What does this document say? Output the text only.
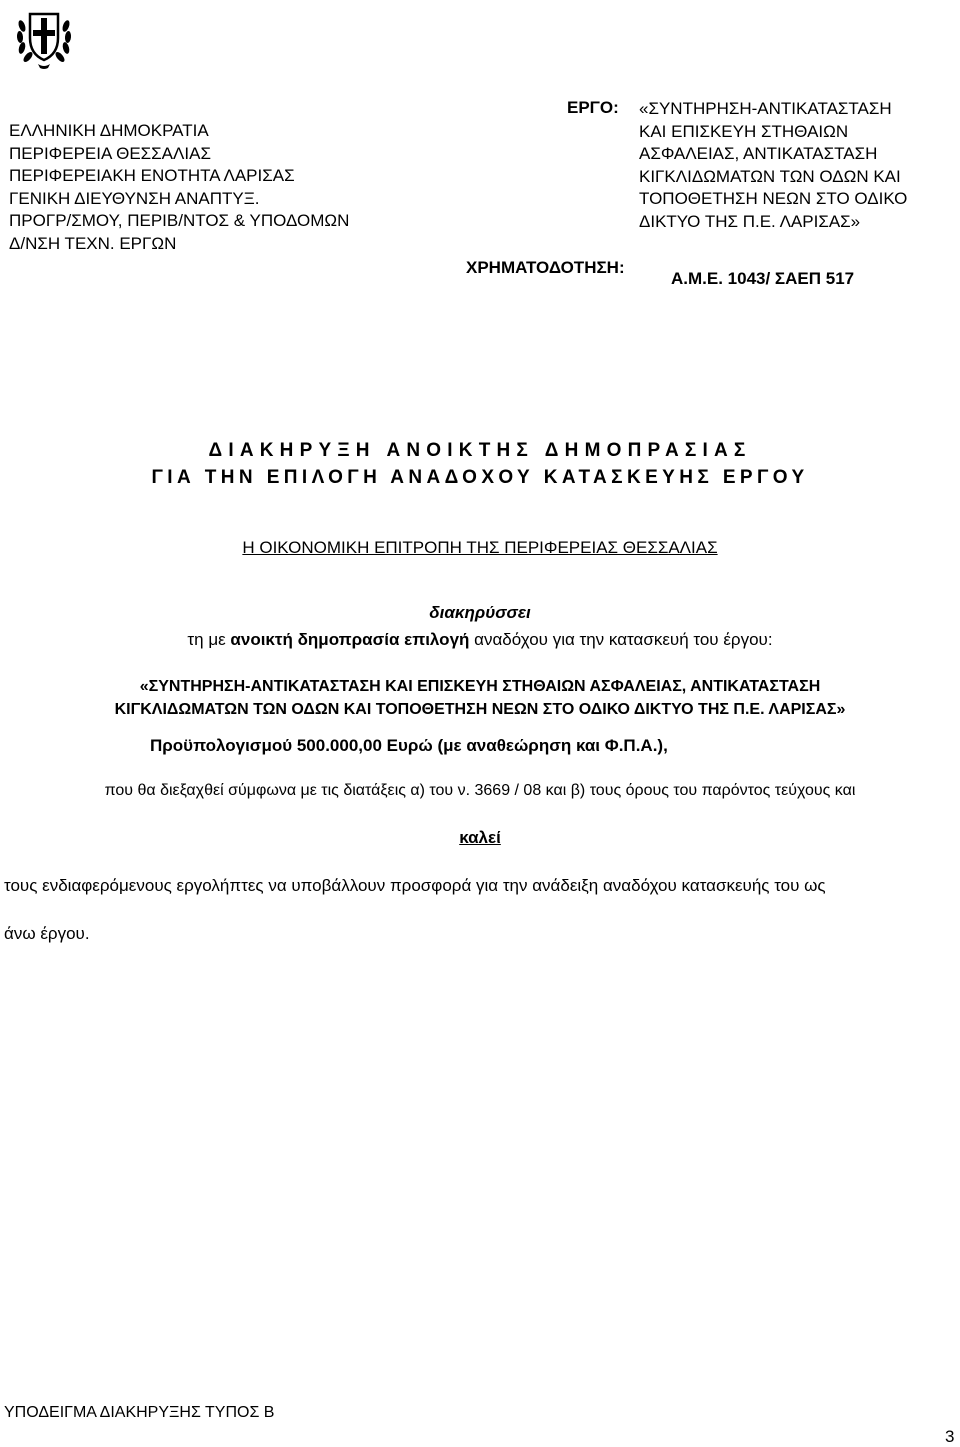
ΕΛΛΗΝΙΚΗ ΔΗΜΟΚΡΑΤΙΑ
ΠΕΡΙΦΕΡΕΙΑ ΘΕΣΣΑΛΙΑΣ
ΠΕΡΙΦΕΡΕΙΑΚΗ ΕΝΟΤΗΤΑ ΛΑΡΙΣΑΣ
ΓΕΝΙΚΗ ΔΙΕΥΘΥΝΣΗ ΑΝΑΠΤΥΞ.
ΠΡΟΓΡ/ΣΜΟΥ, ΠΕΡΙΒ/ΝΤΟΣ & ΥΠΟΔΟΜΩΝ
Δ/ΝΣΗ ΤΕΧΝ. ΕΡΓΩΝ
ΕΡΓΟ: «ΣΥΝΤΗΡΗΣΗ-ΑΝΤΙΚΑΤΑΣΤΑΣΗ
ΚΑΙ ΕΠΙΣΚΕΥΗ ΣΤΗΘΑΙΩΝ
ΑΣΦΑΛΕΙΑΣ, ΑΝΤΙΚΑΤΑΣΤΑΣΗ
ΚΙΓΚΛΙΔΩΜΑΤΩΝ ΤΩΝ ΟΔΩΝ ΚΑΙ
ΤΟΠΟΘΕΤΗΣΗ ΝΕΩΝ ΣΤΟ ΟΔΙΚΟ
ΔΙΚΤΥΟ ΤΗΣ Π.Ε. ΛΑΡΙΣΑΣ»
ΧΡΗΜΑΤΟΔΟΤΗΣΗ:
Α.Μ.Ε. 1043/ ΣΑΕΠ 517
ΔΙΑΚΗΡΥΞΗ ΑΝΟΙΚΤΗΣ ΔΗΜΟΠΡΑΣΙΑΣ
ΓΙΑ ΤΗΝ ΕΠΙΛΟΓΗ ΑΝΑΔΟΧΟΥ ΚΑΤΑΣΚΕΥΗΣ ΕΡΓΟΥ
Η ΟΙΚΟΝΟΜΙΚΗ ΕΠΙΤΡΟΠΗ ΤΗΣ ΠΕΡΙΦΕΡΕΙΑΣ ΘΕΣΣΑΛΙΑΣ
διακηρύσσει
τη με ανοικτή δημοπρασία επιλογή αναδόχου για την κατασκευή του έργου:
«ΣΥΝΤΗΡΗΣΗ-ΑΝΤΙΚΑΤΑΣΤΑΣΗ ΚΑΙ ΕΠΙΣΚΕΥΗ ΣΤΗΘΑΙΩΝ ΑΣΦΑΛΕΙΑΣ, ΑΝΤΙΚΑΤΑΣΤΑΣΗ
ΚΙΓΚΛΙΔΩΜΑΤΩΝ ΤΩΝ ΟΔΩΝ ΚΑΙ ΤΟΠΟΘΕΤΗΣΗ ΝΕΩΝ ΣΤΟ ΟΔΙΚΟ ΔΙΚΤΥΟ ΤΗΣ Π.Ε. ΛΑΡΙΣΑΣ»
Προϋπολογισμού 500.000,00 Ευρώ (με αναθεώρηση και Φ.Π.Α.),
που θα διεξαχθεί σύμφωνα με τις διατάξεις α) του ν. 3669 / 08 και β) τους όρους του παρόντος τεύχους και
καλεί
τους ενδιαφερόμενους εργολήπτες να υποβάλλουν προσφορά για την ανάδειξη αναδόχου κατασκευής του ως
άνω έργου.
ΥΠΟΔΕΙΓΜΑ ΔΙΑΚΗΡΥΞΗΣ ΤΥΠΟΣ Β
3
